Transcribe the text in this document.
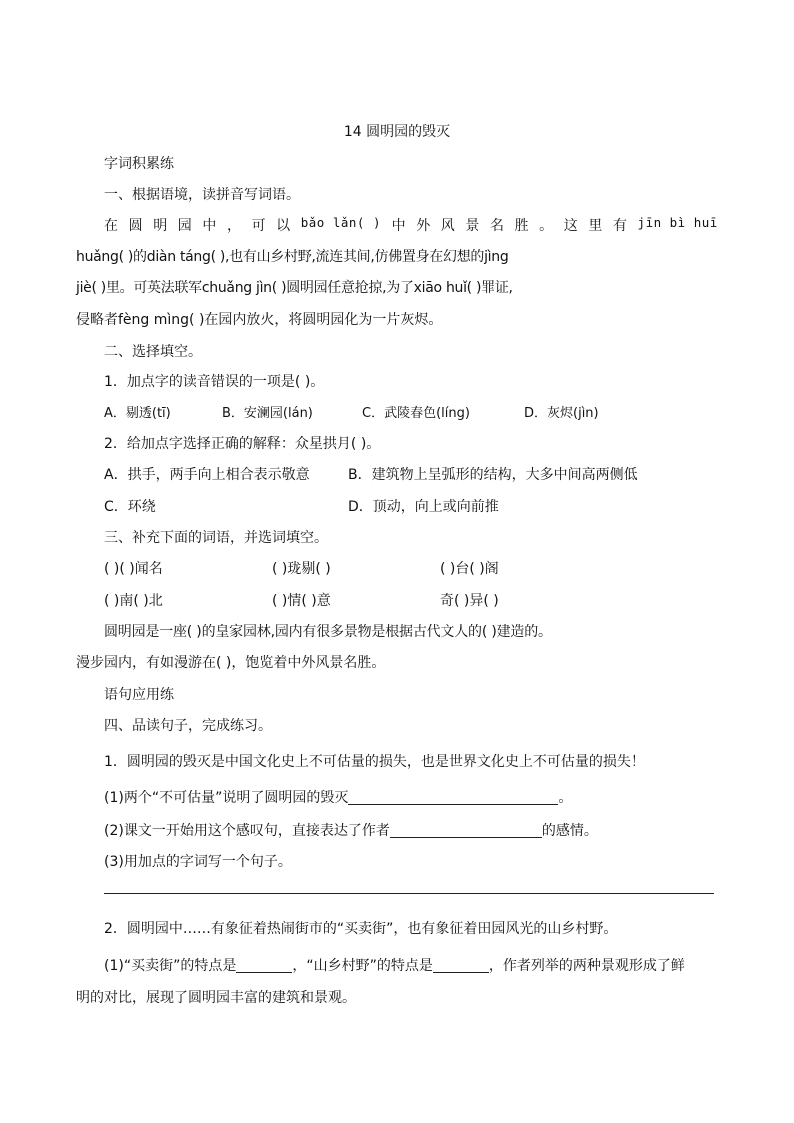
14 圆明园的毁灭
字词积累练
一、根据语境，读拼音写词语。
在 圆 明 园 中 ， 可 以 bǎo lǎn( ) 中 外 风 景 名 胜 。 这 里 有 jīn bì huī
huǎng( )的diàn táng( ),也有山乡村野,流连其间,仿佛置身在幻想的jìng
jiè( )里。可英法联军chuǎng jìn( )圆明园任意抢掠,为了xiāo huǐ( )罪证,
侵略者fèng mìng( )在园内放火，将圆明园化为一片灰烬。
二、选择填空。
1．加点字的读音错误的一项是( )。
A．剔透(tī)	B．安澜园(lán)	C．武陵春色(líng)	D．灰烬(jìn)
2．给加点字选择正确的解释：众星拱月( )。
A．拱手，两手向上相合表示敬意	B．建筑物上呈弧形的结构，大多中间高两侧低
C．环绕	D．顶动，向上或向前推
三、补充下面的词语，并选词填空。
( )( )闻名	( )珑剔( )	( )台( )阁
( )南( )北	( )情( )意	奇( )异( )
圆明园是一座( )的皇家园林,园内有很多景物是根据古代文人的( )建造的。
漫步园内，有如漫游在( )，饱览着中外风景名胜。
语句应用练
四、品读句子，完成练习。
1．圆明园的毁灭是中国文化史上不可估量的损失，也是世界文化史上不可估量的损失！
(1)两个“不可估量”说明了圆明园的毁灭	。
(2)课文一开始用这个感叹句，直接表达了作者	的感情。
(3)用加点的字词写一个句子。
2．圆明园中……有象征着热闹街市的“买卖街”，也有象征着田园风光的山乡村野。
(1)“买卖街”的特点是	，“山乡村野”的特点是	，作者列举的两种景观形成了鲜
明的对比，展现了圆明园丰富的建筑和景观。
